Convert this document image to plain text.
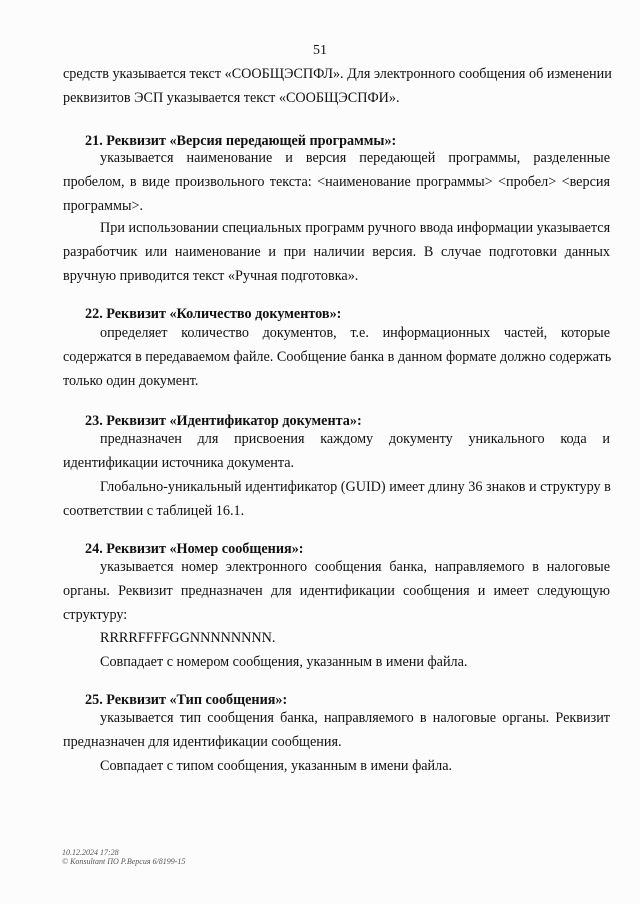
51
средств указывается текст «СООБЩЭСПФЛ». Для электронного сообщения об изменении
реквизитов ЭСП указывается текст «СООБЩЭСПФИ».
21. Реквизит «Версия передающей программы»:
указывается наименование и версия передающей программы, разделенные
пробелом, в виде произвольного текста: <наименование программы> <пробел> <версия
программы>.
При использовании специальных программ ручного ввода информации указывается
разработчик или наименование и при наличии версия. В случае подготовки данных
вручную приводится текст «Ручная подготовка».
22. Реквизит «Количество документов»:
определяет количество документов, т.е. информационных частей, которые
содержатся в передаваемом файле. Сообщение банка в данном формате должно содержать
только один документ.
23. Реквизит «Идентификатор документа»:
предназначен для присвоения каждому документу уникального кода и
идентификации источника документа.
Глобально-уникальный идентификатор (GUID) имеет длину 36 знаков и структуру в
соответствии с таблицей 16.1.
24. Реквизит «Номер сообщения»:
указывается номер электронного сообщения банка, направляемого в налоговые
органы. Реквизит предназначен для идентификации сообщения и имеет следующую
структуру:
RRRRFFFFGGNNNNNNNN.
Совпадает с номером сообщения, указанным в имени файла.
25. Реквизит «Тип сообщения»:
указывается тип сообщения банка, направляемого в налоговые органы. Реквизит
предназначен для идентификации сообщения.
Совпадает с типом сообщения, указанным в имени файла.
10.12.2024 17:28
© Konsultant ПО Р.Версия 6/8199-15
